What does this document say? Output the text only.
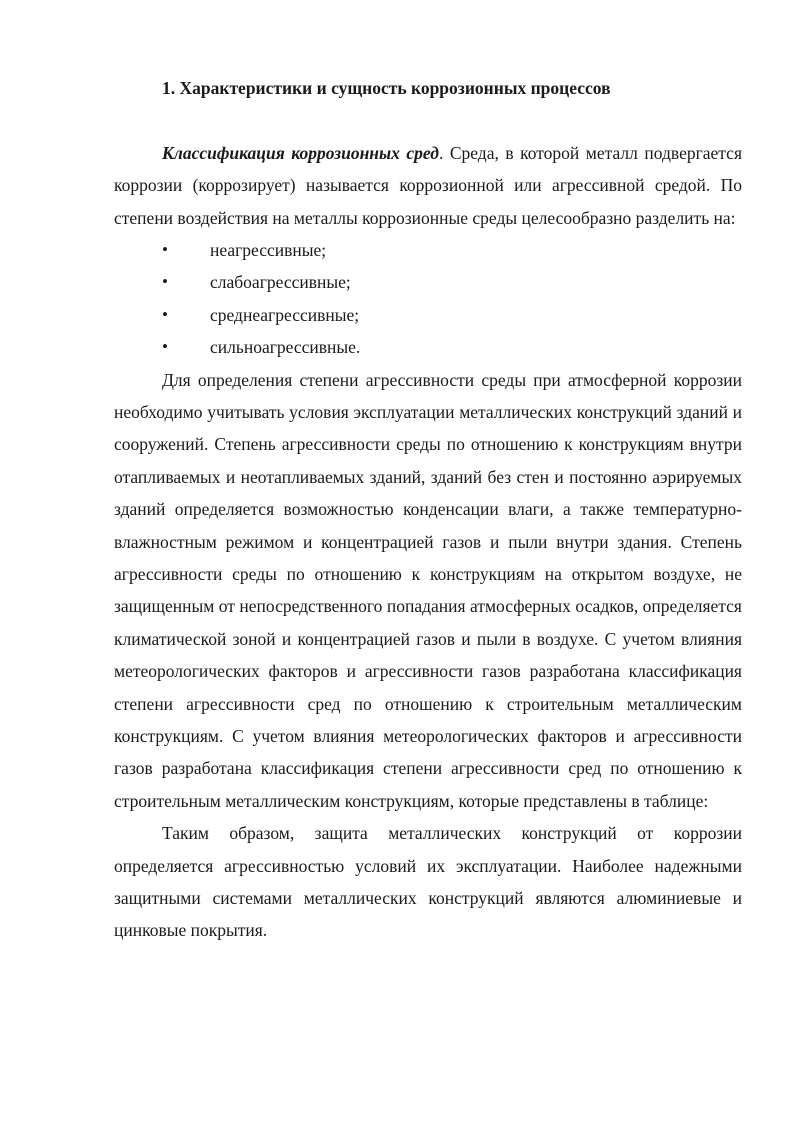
1. Характеристики и сущность коррозионных процессов

Классификация коррозионных сред. Среда, в которой металл подвергается коррозии (коррозирует) называется коррозионной или агрессивной средой. По степени воздействия на металлы коррозионные среды целесообразно разделить на:

• неагрессивные;
• слабоагрессивные;
• среднеагрессивные;
• сильноагрессивные.

Для определения степени агрессивности среды при атмосферной коррозии необходимо учитывать условия эксплуатации металлических конструкций зданий и сооружений. Степень агрессивности среды по отношению к конструкциям внутри отапливаемых и неотапливаемых зданий, зданий без стен и постоянно аэрируемых зданий определяется возможностью конденсации влаги, а также температурно-влажностным режимом и концентрацией газов и пыли внутри здания. Степень агрессивности среды по отношению к конструкциям на открытом воздухе, не защищенным от непосредственного попадания атмосферных осадков, определяется климатической зоной и концентрацией газов и пыли в воздухе. С учетом влияния метеорологических факторов и агрессивности газов разработана классификация степени агрессивности сред по отношению к строительным металлическим конструкциям. С учетом влияния метеорологических факторов и агрессивности газов разработана классификация степени агрессивности сред по отношению к строительным металлическим конструкциям, которые представлены в таблице:

Таким образом, защита металлических конструкций от коррозии определяется агрессивностью условий их эксплуатации. Наиболее надежными защитными системами металлических конструкций являются алюминиевые и цинковые покрытия.
